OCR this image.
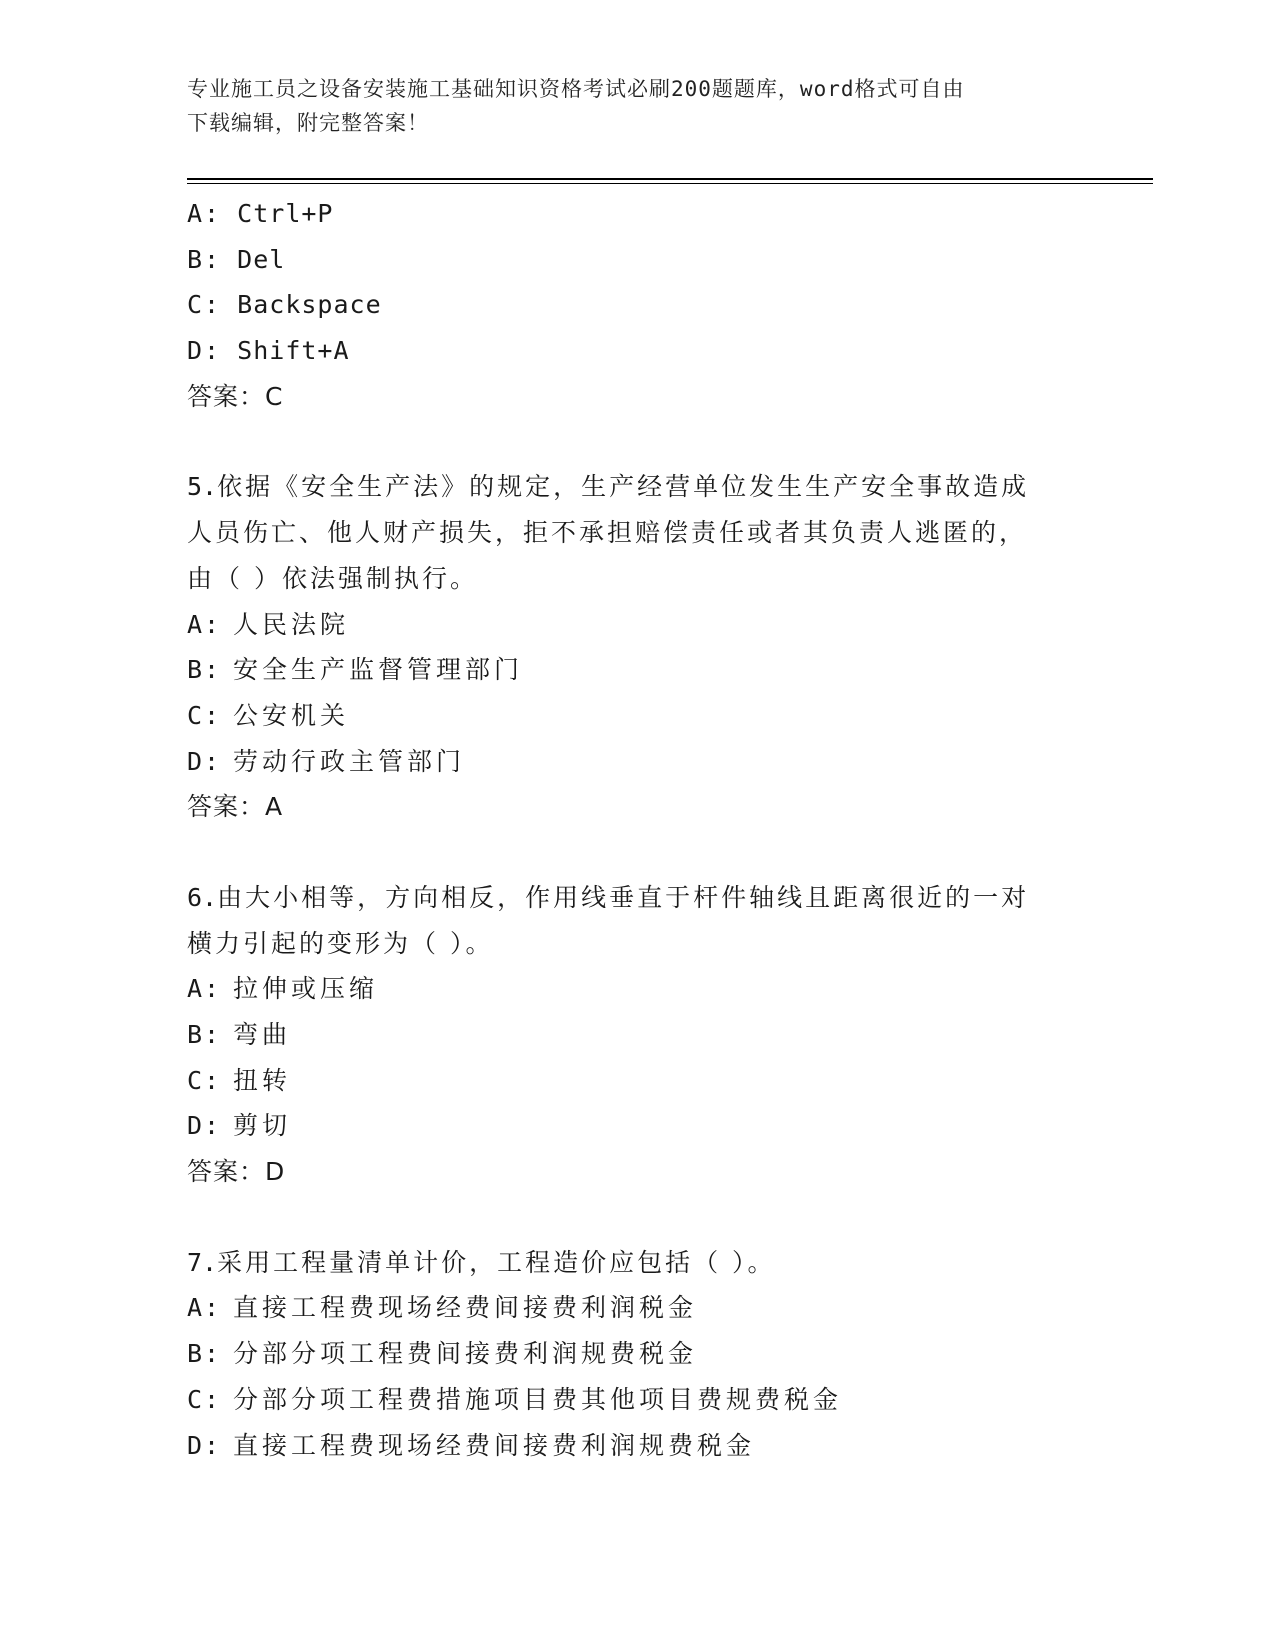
专业施工员之设备安装施工基础知识资格考试必刷200题题库，word格式可自由
下载编辑，附完整答案！
A: Ctrl+P
B: Del
C: Backspace
D: Shift+A
答案：C
5.依据《安全生产法》的规定，生产经营单位发生生产安全事故造成
人员伤亡、他人财产损失，拒不承担赔偿责任或者其负责人逃匿的，
由（ ）依法强制执行。
A: 人民法院
B: 安全生产监督管理部门
C: 公安机关
D: 劳动行政主管部门
答案：A
6.由大小相等，方向相反，作用线垂直于杆件轴线且距离很近的一对
横力引起的变形为（ ）。
A: 拉伸或压缩
B: 弯曲
C: 扭转
D: 剪切
答案：D
7.采用工程量清单计价，工程造价应包括（ ）。
A: 直接工程费现场经费间接费利润税金
B: 分部分项工程费间接费利润规费税金
C: 分部分项工程费措施项目费其他项目费规费税金
D: 直接工程费现场经费间接费利润规费税金
